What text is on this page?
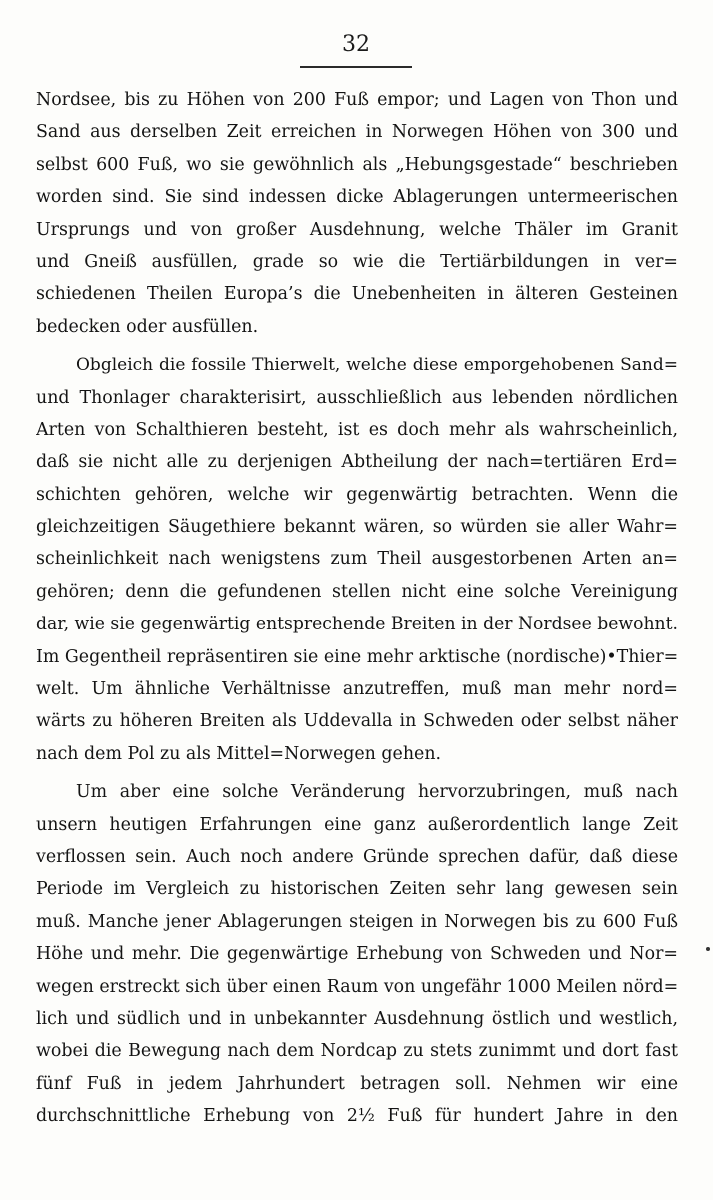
32
Nordsee, bis zu Höhen von 200 Fuß empor; und Lagen von Thon und
Sand aus derselben Zeit erreichen in Norwegen Höhen von 300 und
selbst 600 Fuß, wo sie gewöhnlich als „Hebungsgestade“ beschrieben
worden sind. Sie sind indessen dicke Ablagerungen untermeerischen
Ursprungs und von großer Ausdehnung, welche Thäler im Granit
und Gneiß ausfüllen, grade so wie die Tertiärbildungen in ver=
schiedenen Theilen Europa’s die Unebenheiten in älteren Gesteinen
bedecken oder ausfüllen.
Obgleich die fossile Thierwelt, welche diese emporgehobenen Sand=
und Thonlager charakterisirt, ausschließlich aus lebenden nördlichen
Arten von Schalthieren besteht, ist es doch mehr als wahrscheinlich,
daß sie nicht alle zu derjenigen Abtheilung der nach=tertiären Erd=
schichten gehören, welche wir gegenwärtig betrachten. Wenn die
gleichzeitigen Säugethiere bekannt wären, so würden sie aller Wahr=
scheinlichkeit nach wenigstens zum Theil ausgestorbenen Arten an=
gehören; denn die gefundenen stellen nicht eine solche Vereinigung
dar, wie sie gegenwärtig entsprechende Breiten in der Nordsee bewohnt.
Im Gegentheil repräsentiren sie eine mehr arktische (nordische)•Thier=
welt. Um ähnliche Verhältnisse anzutreffen, muß man mehr nord=
wärts zu höheren Breiten als Uddevalla in Schweden oder selbst näher
nach dem Pol zu als Mittel=Norwegen gehen.
Um aber eine solche Veränderung hervorzubringen, muß nach
unsern heutigen Erfahrungen eine ganz außerordentlich lange Zeit
verflossen sein. Auch noch andere Gründe sprechen dafür, daß diese
Periode im Vergleich zu historischen Zeiten sehr lang gewesen sein
muß. Manche jener Ablagerungen steigen in Norwegen bis zu 600 Fuß
Höhe und mehr. Die gegenwärtige Erhebung von Schweden und Nor=
wegen erstreckt sich über einen Raum von ungefähr 1000 Meilen nörd=
lich und südlich und in unbekannter Ausdehnung östlich und westlich,
wobei die Bewegung nach dem Nordcap zu stets zunimmt und dort fast
fünf Fuß in jedem Jahrhundert betragen soll. Nehmen wir eine
durchschnittliche Erhebung von 2½ Fuß für hundert Jahre in den
